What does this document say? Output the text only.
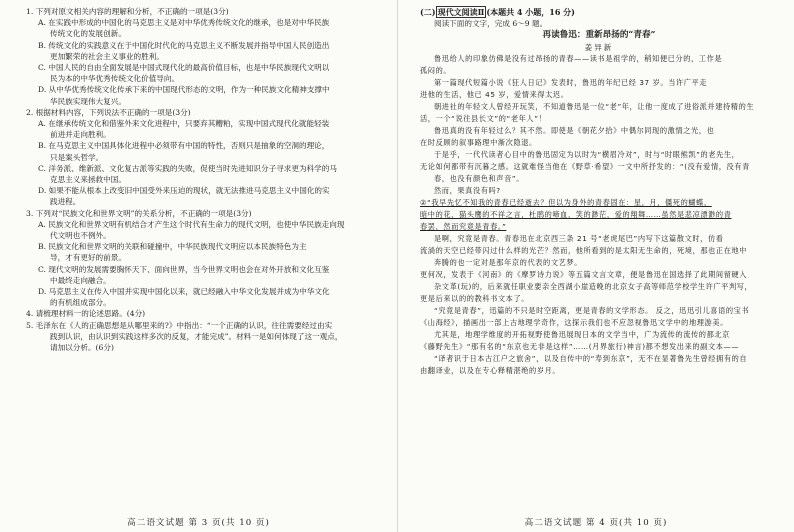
1. 下列对原文相关内容的理解和分析，不正确的一项是(3分)
A. 在实践中形成的中国化的马克思主义是对中华优秀传统文化的继承，也是对中华民族
传统文化的发展创新。
B. 传统文化的实践意义在于中国化时代化的马克思主义不断发展并指导中国人民创造出
更加繁荣的社会主义事业的胜利。
C. 中国人民的自由全面发展是中国式现代化的最高价值目标，也是中华民族现代文明以
民为本的中华优秀传统文化价值导向。
D. 从中华优秀传统文化传承下来的中国现代形态的文明，作为一种民族文化精神支撑中
华民族实现伟大复兴。
2. 根据材料内容，下列说法不正确的一项是(3分)
A. 在继承传统文化和借鉴外来文化进程中，只要弃其糟粕，实现中国式现代化就能轻装
前进并走向胜利。
B. 在马克思主义中国具体化进程中必须带有中国的特性，否则只是抽象的空洞的理论，
只是案头哲学。
C. 洋务派、维新派、文化复古派等实践的失败，促使当时先进知识分子寻求更为科学的马
克思主义来拯救中国。
D. 如果不能从根本上改变旧中国受外来压迫的现状，就无法推进马克思主义中国化的实
践进程。
3. 下列对“民族文化和世界文明”的关系分析，不正确的一项是(3分)
A. 民族文化和世界文明有机结合才产生这个时代有生命力的现代文明，也使中华民族走向现
代文明也不例外。
B. 民族文化和世界文明的关联和碰撞中，中华民族现代文明应以本民族特色为主
导，才有更好的前景。
C. 现代文明的发展需要胸怀天下、面向世界，当今世界文明也会在对外开放和文化互鉴
中最终走向融合。
D. 马克思主义在传入中国并实现中国化以来，就已经融入中华文化发展并成为中华文化
的有机组成部分。
4. 请梳理材料一的论述思路。(4分)
5. 毛泽东在《人的正确思想是从哪里来的?》中指出：“一个正确的认识，往往需要经过由实
践到认识，由认识到实践这样多次的反复，才能完成”。材料一是如何体现了这一观点，
请加以分析。(6分)
高二语文试题 第 3 页(共 10 页)
(二) 现代文阅读Ⅱ (本题共 4 小题，16 分)
阅读下面的文字，完成 6～9 题。
再读鲁迅：重新昂扬的“青春”
姜异新
鲁迅给人的印象仿佛是没有过昂扬的青春——读书是祖学的，稍知便已分的，工作是
孤闷的。
第一篇现代短篇小说《狂人日记》发表时，鲁迅的年纪已经 37 岁。当许广平走
进他的生活，他已 45 岁，爱情来得太迟。
朝进社的年轻文人曾经开玩笑，不知道鲁迅是一位“老”年，让他一度成了进俗派并建持精的生
活，一个“说往县长文”的“老年人”！
鲁迅真的没有年轻过么？其不然。即使是《朝花夕拾》中偶尔同现的激情之光，也
在时反顾的叙事路理中渐次隐退。
于是乎，一代代读者心目中的鲁迅固定为以时为“横眉冷对”，时与“时眼熊凯”的老先生，
无论如何都带有沉暮之感。这就难怪当他在《野草·希望》一文中所抒发的：“(没有爱情，没有青
春，也没有颜色和声音”。
然而，果真没有吗?
②“我早先忆不知我的青春已经逝去？但以为身外的青春固在：星，月，僵死的蝴蝶，
暗中的花，猫头鹰的不祥之言，杜鹃的啼血，笑的渺茫，爱的翔舞……虽然是悲凉漂渺的青
春罢，然而究竟是青春。”
是啊，究竟是青春。青春迅在北京西三条 21 号“老虎尾巴”内写下这篇散文时，仿看
流淌的天空已经带闪过什么样的光芒？然而，他所看到的是太阳无生命的，死境，那也正在地中
奔腾的也一定对是那年京的代表的文艺梦。
更何况，发表于《河南》的《摩罗诗力说》等五篇文言文章，便是鲁迅在国选择了此期间留硬入
杂文革(玩)的，后来就任职业要亲全西湖小崖造晚的北京女子高等师范学校学生许广平判写，
更是后来以的的教科书文本了。
“究竟是青春”，迅篇的不只是时空距离，更是青春的文学形态。 反之，迅迅引儿喜语的宝书
《山海经》，描画出一部上古地理学奇作，这探示我们也不应忽视鲁迅文学中的地理游美。
尤其是，地理学维度的开拓视野使鲁迅展现日本的文学当中，广为流传的流传的都北京
《藤野先生》“那有名的“东京也无非是这样”……(月界旅行)神言)都不想发出来的副文本——
“译者识于日本古江户之旅舍”，以及自传中的“寿到东京”，无不在显著鲁先生曾经拥有的自
由翻译业，以及在专心释精湛绝的岁月。
高二语文试题 第 4 页(共 10 页)
